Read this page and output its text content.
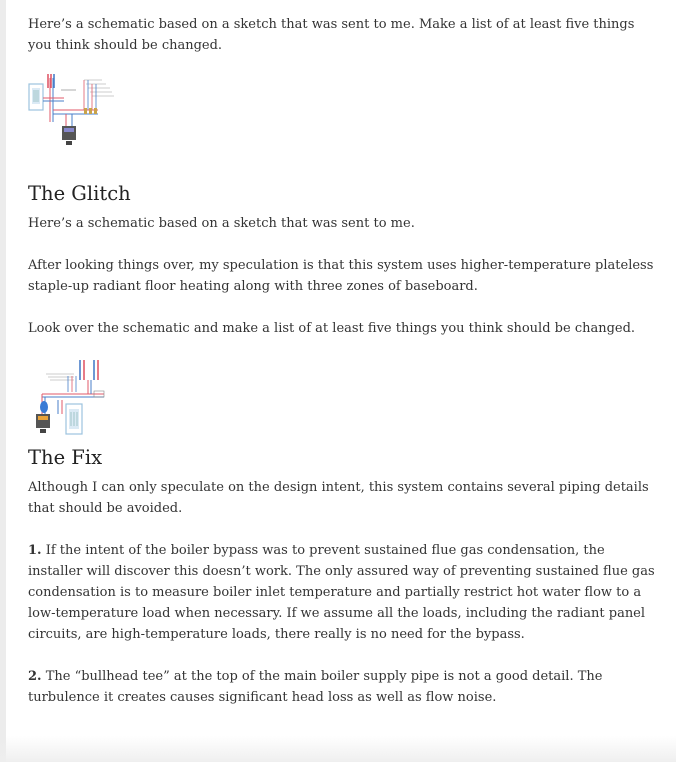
Here’s a schematic based on a sketch that was sent to me. Make a list of at least five things you think should be changed.

The Glitch

Here’s a schematic based on a sketch that was sent to me.

After looking things over, my speculation is that this system uses higher-temperature plateless staple-up radiant floor heating along with three zones of baseboard.

Look over the schematic and make a list of at least five things you think should be changed.

The Fix

Although I can only speculate on the design intent, this system contains several piping details that should be avoided.

1. If the intent of the boiler bypass was to prevent sustained flue gas condensation, the installer will discover this doesn’t work. The only assured way of preventing sustained flue gas condensation is to measure boiler inlet temperature and partially restrict hot water flow to a low-temperature load when necessary. If we assume all the loads, including the radiant panel circuits, are high-temperature loads, there really is no need for the bypass.

2. The “bullhead tee” at the top of the main boiler supply pipe is not a good detail. The turbulence it creates causes significant head loss as well as flow noise.
